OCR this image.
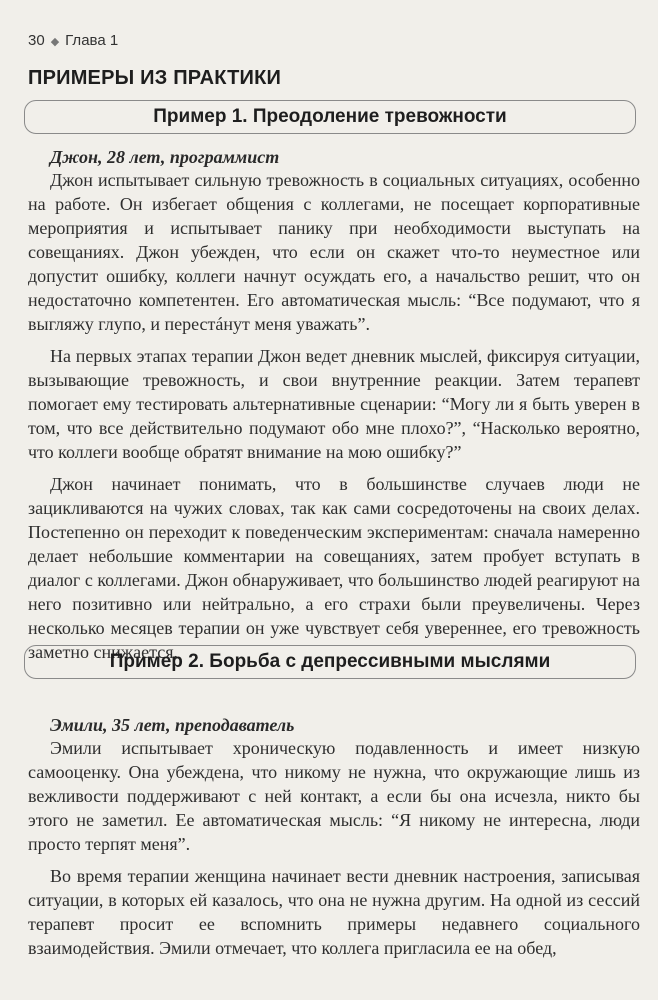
30 ◆ Глава 1
ПРИМЕРЫ ИЗ ПРАКТИКИ
Пример 1. Преодоление тревожности
Джон, 28 лет, программист

Джон испытывает сильную тревожность в социальных ситуациях, особенно на работе. Он избегает общения с коллегами, не посещает корпоративные мероприятия и испытывает панику при необходимости выступать на совещаниях. Джон убежден, что если он скажет что-то неуместное или допустит ошибку, коллеги начнут осуждать его, а начальство решит, что он недостаточно компетентен. Его автоматическая мысль: “Все подумают, что я выгляжу глупо, и перестáнут меня уважать”.

На первых этапах терапии Джон ведет дневник мыслей, фиксируя ситуации, вызывающие тревожность, и свои внутренние реакции. Затем терапевт помогает ему тестировать альтернативные сценарии: “Могу ли я быть уверен в том, что все действительно подумают обо мне плохо?”, “Насколько вероятно, что коллеги вообще обратят внимание на мою ошибку?”

Джон начинает понимать, что в большинстве случаев люди не зацикливаются на чужих словах, так как сами сосредоточены на своих делах. Постепенно он переходит к поведенческим экспериментам: сначала намеренно делает небольшие комментарии на совещаниях, затем пробует вступать в диалог с коллегами. Джон обнаруживает, что большинство людей реагируют на него позитивно или нейтрально, а его страхи были преувеличены. Через несколько месяцев терапии он уже чувствует себя увереннее, его тревожность заметно снижается.

Пример 2. Борьба с депрессивными мыслями
Эмили, 35 лет, преподаватель

Эмили испытывает хроническую подавленность и имеет низкую самооценку. Она убеждена, что никому не нужна, что окружающие лишь из вежливости поддерживают с ней контакт, а если бы она исчезла, никто бы этого не заметил. Ее автоматическая мысль: “Я никому не интересна, люди просто терпят меня”.

Во время терапии женщина начинает вести дневник настроения, записывая ситуации, в которых ей казалось, что она не нужна другим. На одной из сессий терапевт просит ее вспомнить примеры недавнего социального взаимодействия. Эмили отмечает, что коллега пригласила ее на обед,
